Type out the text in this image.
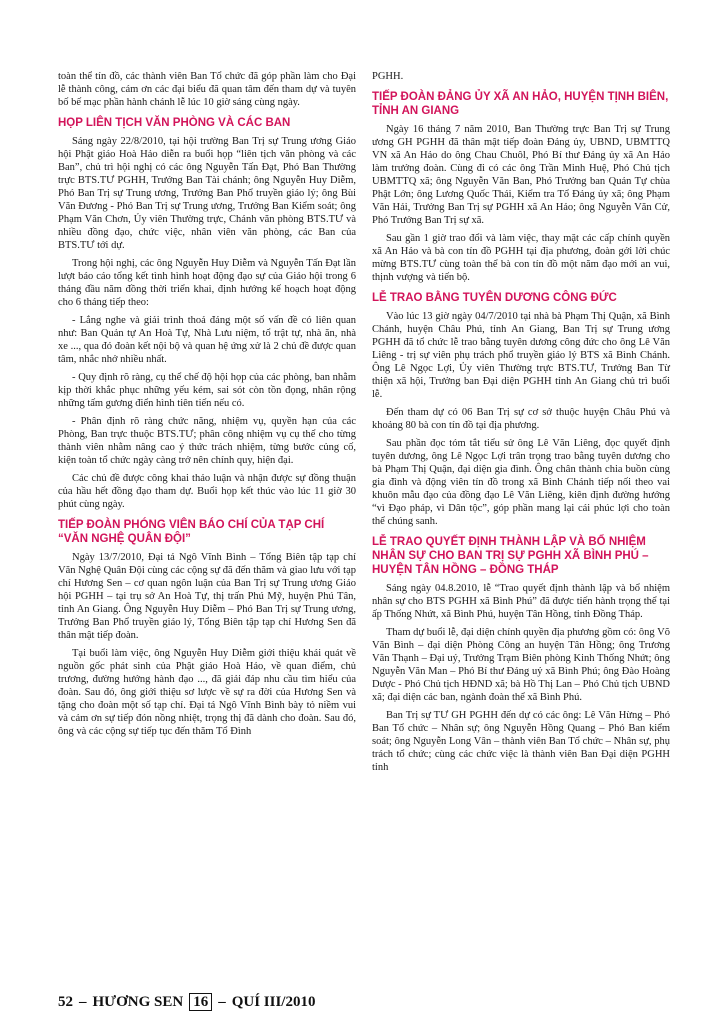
toàn thể tín đồ, các thành viên Ban Tổ chức đã góp phần làm cho Đại lễ thành công, cám ơn các đại biểu đã quan tâm đến tham dự và tuyên bố bế mạc phần hành chánh lễ lúc 10 giờ sáng cùng ngày.

HỌP LIÊN TỊCH VĂN PHÒNG VÀ CÁC BAN

Sáng ngày 22/8/2010, tại hội trường Ban Trị sự Trung ương Giáo hội Phật giáo Hoà Hảo diễn ra buổi họp “liên tịch văn phòng và các Ban”, chủ trì hội nghị có các ông Nguyễn Tấn Đạt, Phó Ban Thường trực BTS.TƯ PGHH, Trưởng Ban Tài chánh; ông Nguyễn Huy Diễm, Phó Ban Trị sự Trung ương, Trưởng Ban Phổ truyền giáo lý; ông Bùi Văn Đương - Phó Ban Trị sự Trung ương, Trưởng Ban Kiểm soát; ông Phạm Văn Chơn, Ủy viên Thường trực, Chánh văn phòng BTS.TƯ và nhiều đồng đạo, chức việc, nhân viên văn phòng, các Ban của BTS.TƯ tới dự.

Trong hội nghị, các ông Nguyễn Huy Diễm và Nguyễn Tấn Đạt lần lượt báo cáo tổng kết tình hình hoạt động đạo sự của Giáo hội trong 6 tháng đầu năm đồng thời triển khai, định hướng kế hoạch hoạt động cho 6 tháng tiếp theo:

- Lắng nghe và giải trình thoả đáng một số vấn đề có liên quan như: Ban Quản tự An Hoà Tự, Nhà Lưu niệm, tổ trật tự, nhà ăn, nhà xe ..., qua đó đoàn kết nội bộ và quan hệ ứng xử là 2 chủ đề được quan tâm, nhắc nhở nhiều nhất.

- Quy định rõ ràng, cụ thể chế độ hội họp của các phòng, ban nhằm kịp thời khắc phục những yếu kém, sai sót còn tồn đọng, nhân rộng những tấm gương điển hình tiên tiến nếu có.

- Phân định rõ ràng chức năng, nhiệm vụ, quyền hạn của các Phòng, Ban trực thuộc BTS.TƯ; phân công nhiệm vụ cụ thể cho từng thành viên nhằm nâng cao ý thức trách nhiệm, từng bước củng cố, kiện toàn tổ chức ngày càng trở nên chính quy, hiện đại.

Các chủ đề được công khai thảo luận và nhận được sự đồng thuận của hầu hết đồng đạo tham dự. Buổi họp kết thúc vào lúc 11 giờ 30 phút cùng ngày.

TIẾP ĐOÀN PHÓNG VIÊN BÁO CHÍ CỦA TẠP CHÍ “VĂN NGHỆ QUÂN ĐỘI”

Ngày 13/7/2010, Đại tá Ngô Vĩnh Bình – Tổng Biên tập tạp chí Văn Nghệ Quân Đội cùng các cộng sự đã đến thăm và giao lưu với tạp chí Hương Sen – cơ quan ngôn luận của Ban Trị sự Trung ương Giáo hội PGHH – tại trụ sở An Hoà Tự, thị trấn Phú Mỹ, huyện Phú Tân, tỉnh An Giang. Ông Nguyễn Huy Diễm – Phó Ban Trị sự Trung ương, Trưởng Ban Phổ truyền giáo lý, Tổng Biên tập tạp chí Hương Sen đã thân mật tiếp đoàn.

Tại buổi làm việc, ông Nguyễn Huy Diễm giới thiệu khái quát về nguồn gốc phát sinh của Phật giáo Hoà Hảo, về quan điểm, chủ trương, đường hướng hành đạo ..., đã giải đáp nhu cầu tìm hiểu của đoàn. Sau đó, ông giới thiệu sơ lược về sự ra đời của Hương Sen và tặng cho đoàn một số tạp chí. Đại tá Ngô Vĩnh Bình bày tỏ niềm vui và cảm ơn sự tiếp đón nồng nhiệt, trọng thị đã dành cho đoàn. Sau đó, ông và các cộng sự tiếp tục đến thăm Tổ Đình

PGHH.

TIẾP ĐOÀN ĐẢNG ỦY XÃ AN HẢO, HUYỆN TỊNH BIÊN, TỈNH AN GIANG

Ngày 16 tháng 7 năm 2010, Ban Thường trực Ban Trị sự Trung ương GH PGHH đã thân mật tiếp đoàn Đảng ủy, UBND, UBMTTQ VN xã An Hảo do ông Chau Chuôl, Phó Bí thư Đảng ủy xã An Hảo làm trưởng đoàn. Cùng đi có các ông Trần Minh Huệ, Phó Chủ tịch UBMTTQ xã; ông Nguyễn Văn Ban, Phó Trưởng ban Quản Tự chùa Phật Lớn; ông Lương Quốc Thái, Kiểm tra Tổ Đảng ủy xã; ông Phạm Văn Hải, Trưởng Ban Trị sự PGHH xã An Hảo; ông Nguyễn Văn Cử, Phó Trưởng Ban Trị sự xã.

Sau gần 1 giờ trao đổi và làm việc, thay mặt các cấp chính quyền xã An Hảo và bà con tín đồ PGHH tại địa phương, đoàn gởi lời chúc mừng BTS.TƯ cùng toàn thể bà con tín đồ một năm đạo mới an vui, thịnh vượng và tiến bộ.

LỄ TRAO BẰNG TUYÊN DƯƠNG CÔNG ĐỨC

Vào lúc 13 giờ ngày 04/7/2010 tại nhà bà Phạm Thị Quận, xã Bình Chánh, huyện Châu Phú, tỉnh An Giang, Ban Trị sự Trung ương PGHH đã tổ chức lễ trao bằng tuyên dương công đức cho ông Lê Văn Liêng - trị sự viên phụ trách phổ truyền giáo lý BTS xã Bình Chánh. Ông Lê Ngọc Lợi, Ủy viên Thường trực BTS.TƯ, Trưởng Ban Từ thiện xã hội, Trưởng ban Đại diện PGHH tỉnh An Giang chủ trì buổi lễ.

Đến tham dự có 06 Ban Trị sự cơ sở thuộc huyện Châu Phú và khoảng 80 bà con tín đồ tại địa phương.

Sau phần đọc tóm tắt tiểu sử ông Lê Văn Liêng, đọc quyết định tuyên dương, ông Lê Ngọc Lợi trân trọng trao bằng tuyên dương cho bà Phạm Thị Quận, đại diện gia đình. Ông chân thành chia buồn cùng gia đình và động viên tín đồ trong xã Bình Chánh tiếp nối theo vai khuôn mẫu đạo của đồng đạo Lê Văn Liêng, kiên định đường hướng “vì Đạo pháp, vì Dân tộc”, góp phần mang lại cái phúc lợi cho toàn thể chúng sanh.

LỄ TRAO QUYẾT ĐỊNH THÀNH LẬP VÀ BỔ NHIỆM NHÂN SỰ CHO BAN TRỊ SỰ PGHH XÃ BÌNH PHÚ – HUYỆN TÂN HỒNG – ĐỒNG THÁP

Sáng ngày 04.8.2010, lễ “Trao quyết định thành lập và bổ nhiệm nhân sự cho BTS PGHH xã Bình Phú” đã được tiến hành trọng thể tại ấp Thống Nhứt, xã Bình Phú, huyện Tân Hồng, tỉnh Đồng Tháp.

Tham dự buổi lễ, đại diện chính quyền địa phương gồm có: ông Võ Văn Bình – đại diện Phòng Công an huyện Tân Hồng; ông Trương Văn Thạnh – Đại uý, Trưởng Trạm Biên phòng Kinh Thống Nhứt; ông Nguyễn Văn Man – Phó Bí thư Đảng uỷ xã Bình Phú; ông Đào Hoàng Dược - Phó Chủ tịch HĐND xã; bà Hồ Thị Lan – Phó Chủ tịch UBND xã; đại diện các ban, ngành đoàn thể xã Bình Phú.

Ban Trị sự TƯ GH PGHH đến dự có các ông: Lê Văn Hừng – Phó Ban Tổ chức – Nhân sự; ông Nguyễn Hồng Quang – Phó Ban kiểm soát; ông Nguyễn Long Vân – thành viên Ban Tổ chức – Nhân sự, phụ trách tổ chức; cùng các chức việc là thành viên Ban Đại diện PGHH tỉnh

52 – HƯƠNG SEN 16 – QUÍ III/2010
